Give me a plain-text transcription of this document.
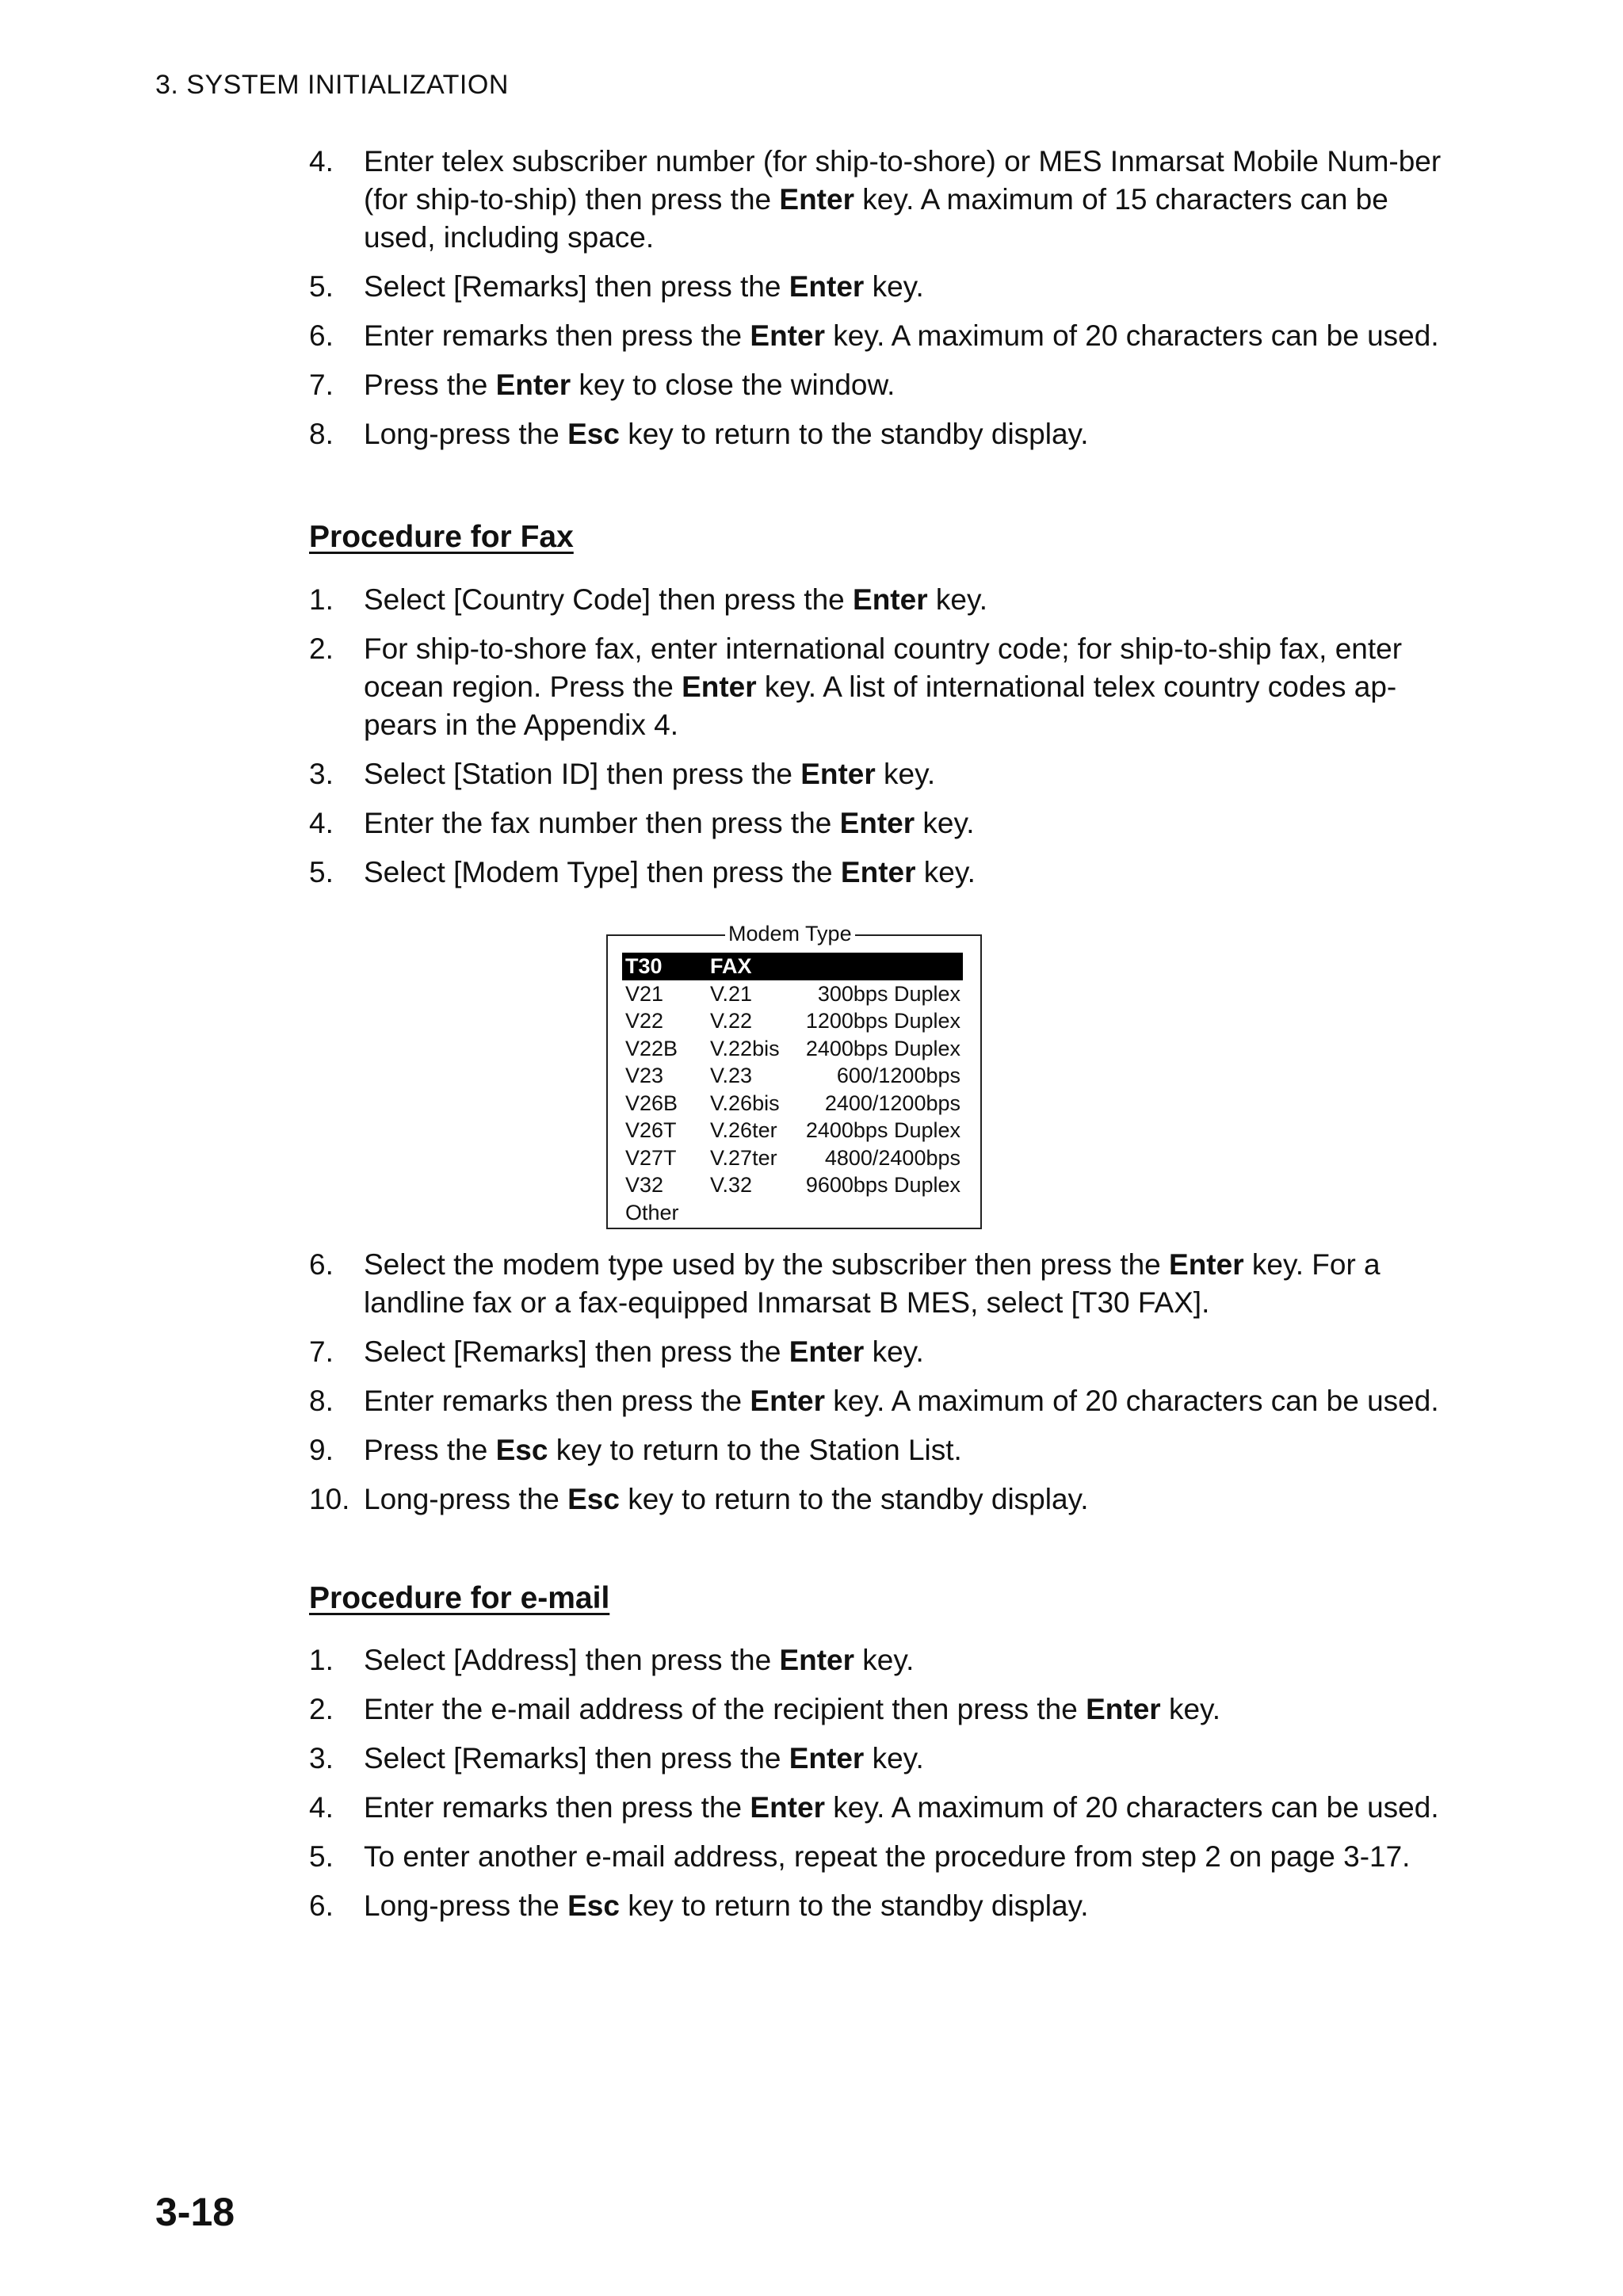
3. SYSTEM INITIALIZATION
4. Enter telex subscriber number (for ship-to-shore) or MES Inmarsat Mobile Num-ber (for ship-to-ship) then press the Enter key. A maximum of 15 characters can be used, including space.
5. Select [Remarks] then press the Enter key.
6. Enter remarks then press the Enter key. A maximum of 20 characters can be used.
7. Press the Enter key to close the window.
8. Long-press the Esc key to return to the standby display.
Procedure for Fax
1. Select [Country Code] then press the Enter key.
2. For ship-to-shore fax, enter international country code; for ship-to-ship fax, enter ocean region. Press the Enter key. A list of international telex country codes ap-pears in the Appendix 4.
3. Select [Station ID] then press the Enter key.
4. Enter the fax number then press the Enter key.
5. Select [Modem Type] then press the Enter key.
Modem Type
T30 FAX
V21 V.21	300bps Duplex
V22 V.22	1200bps Duplex
V22B V.22bis	2400bps Duplex
V23 V.23	600/1200bps
V26B V.26bis	2400/1200bps
V26T V.26ter	2400bps Duplex
V27T V.27ter	4800/2400bps
V32 V.32	9600bps Duplex
Other
6. Select the modem type used by the subscriber then press the Enter key. For a landline fax or a fax-equipped Inmarsat B MES, select [T30 FAX].
7. Select [Remarks] then press the Enter key.
8. Enter remarks then press the Enter key. A maximum of 20 characters can be used.
9. Press the Esc key to return to the Station List.
10. Long-press the Esc key to return to the standby display.
Procedure for e-mail
1. Select [Address] then press the Enter key.
2. Enter the e-mail address of the recipient then press the Enter key.
3. Select [Remarks] then press the Enter key.
4. Enter remarks then press the Enter key. A maximum of 20 characters can be used.
5. To enter another e-mail address, repeat the procedure from step 2 on page 3-17.
6. Long-press the Esc key to return to the standby display.
3-18
